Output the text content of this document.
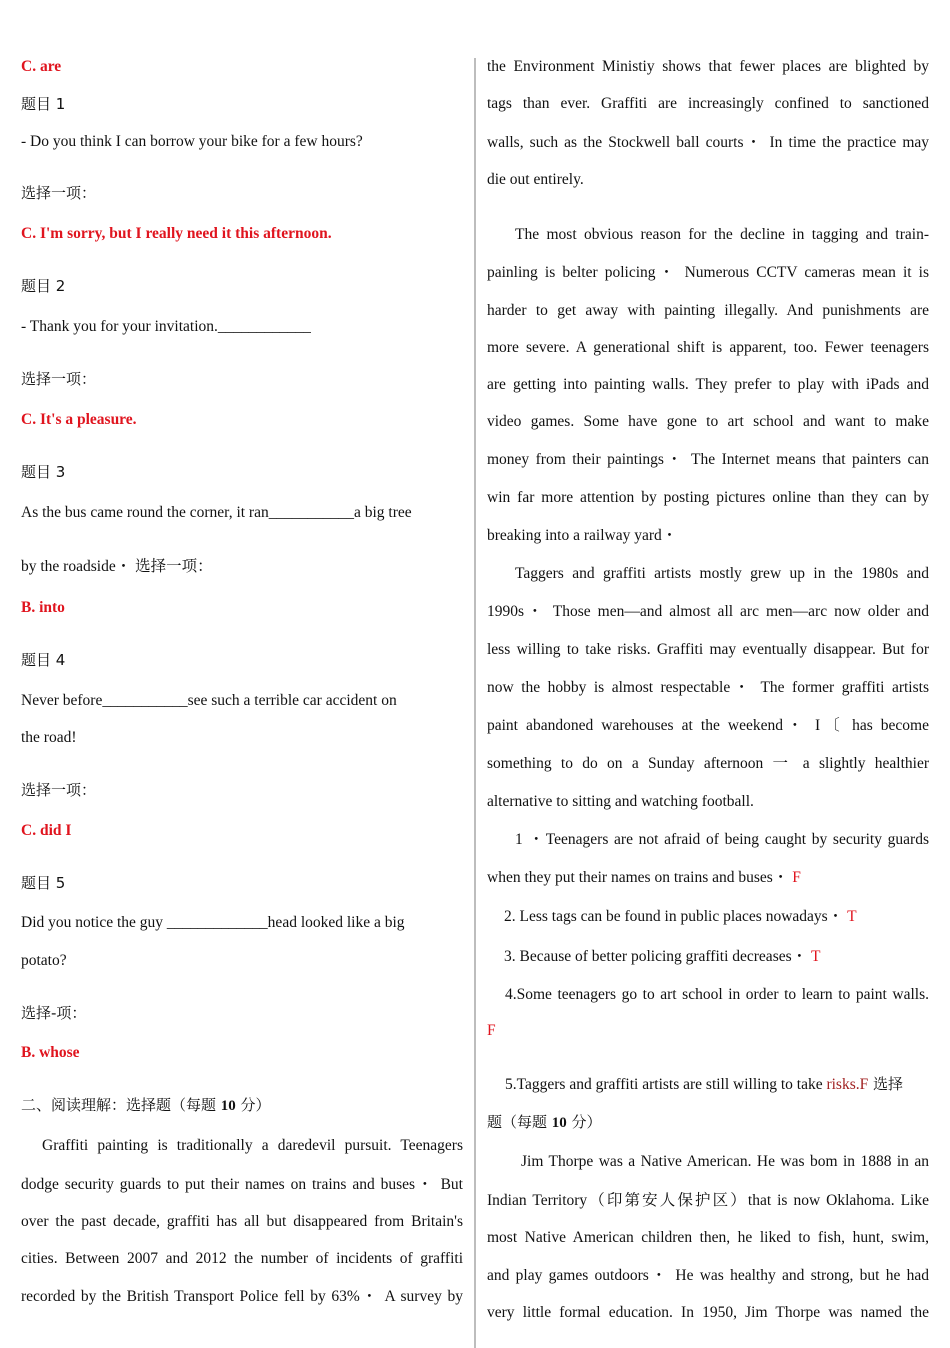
C. are
题目 1
- Do you think I can borrow your bike for a few hours?
选择一项：
C. I'm sorry, but I really need it this afternoon.
题目 2
- Thank you for your invitation.____________
选择一项：
C. It's a pleasure.
题目 3
As the bus came round the corner, it ran___________a big tree
by the roadside・ 选择一项：
B. into
题目 4
Never before___________see such a terrible car accident on
the road!
选择一项：
C. did I
题目 5
Did you notice the guy _____________head looked like a big
potato?
选择-项：
B. whose
二、阅读理解：选择题（每题 10 分）
Graffiti painting is traditionally a daredevil pursuit. Teenagers
dodge security guards to put their names on trains and buses・ But
over the past decade, graffiti has all but disappeared from Britain's
cities. Between 2007 and 2012 the number of incidents of graffiti
recorded by the British Transport Police fell by 63%・ A survey by
the Environment Ministiy shows that fewer places are blighted by
tags than ever. Graffiti are increasingly confined to sanctioned
walls, such as the Stockwell ball courts・ In time the practice may
die out entirely.
The most obvious reason for the decline in tagging and train-
painling is belter policing・ Numerous CCTV cameras mean it is
harder to get away with painting illegally. And punishments are
more severe. A generational shift is apparent, too. Fewer teenagers
are getting into painting walls. They prefer to play with iPads and
video games. Some have gone to art school and want to make
money from their paintings・ The Internet means that painters can
win far more attention by posting pictures online than they can by
breaking into a railway yard・
Taggers and graffiti artists mostly grew up in the 1980s and
1990s・ Those men—and almost all arc men—arc now older and
less willing to take risks. Graffiti may eventually disappear. But for
now the hobby is almost respectable・ The former graffiti artists
paint abandoned warehouses at the weekend・ I〔 has become
something to do on a Sunday afternoon 一 a slightly healthier
alternative to sitting and watching football.
1 ・Teenagers are not afraid of being caught by security guards
when they put their names on trains and buses・ F
2. Less tags can be found in public places nowadays・ T
3. Because of better policing graffiti decreases・ T
4.Some teenagers go to art school in order to learn to paint walls.
F
5.Taggers and graffiti artists are still willing to take risks.F 选择
题（每题 10 分）
Jim Thorpe was a Native American. He was bom in 1888 in an
Indian Territory（印第安人保护区）that is now Oklahoma. Like
most Native American children then, he liked to fish, hunt, swim,
and play games outdoors・ He was healthy and strong, but he had
very little formal education. In 1950, Jim Thorpe was named the
